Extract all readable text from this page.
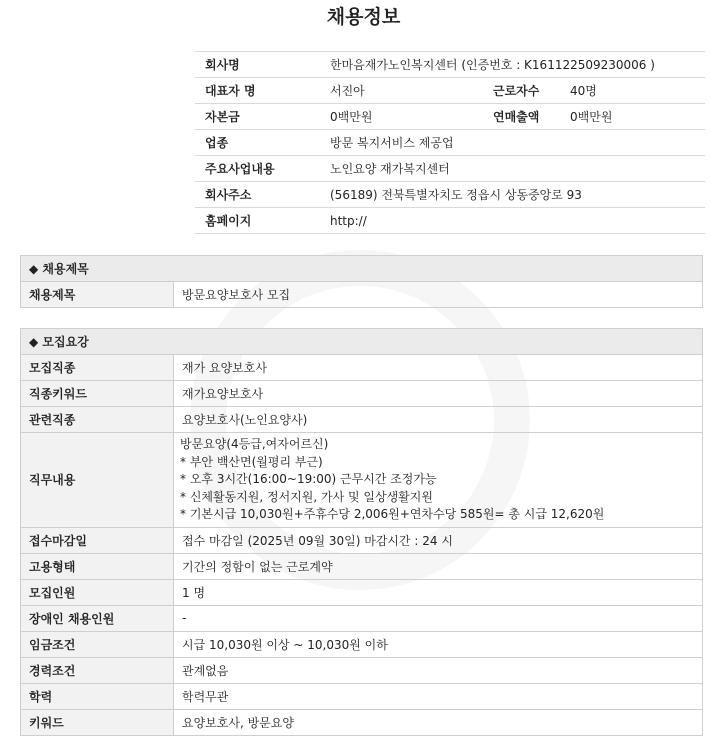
채용정보
회사명	한마음재가노인복지센터 (인증번호 : K161122509230006 )		
대표자 명	서진아	근로자수	40명
자본금	0백만원	연매출액	0백만원
업종	방문 복지서비스 제공업		
주요사업내용	노인요양 재가복지센터		
회사주소	(56189) 전북특별자치도 정읍시 상동중앙로 93		
홈페이지	http://		
◆ 채용제목
채용제목	방문요양보호사 모집
◆ 모집요강	
모집직종	재가 요양보호사
직종키워드	재가요양보호사
관련직종	요양보호사(노인요양사)
직무내용	방문요양(4등급,여자어르신)
* 부안 백산면(월평리 부근)
* 오후 3시간(16:00~19:00) 근무시간 조정가능
* 신체활동지원, 정서지원, 가사 및 일상생활지원
* 기본시급 10,030원+주휴수당 2,006원+연차수당 585원= 총 시급 12,620원

접수마감일	접수 마감일 (2025년 09월 30일) 마감시간 : 24 시
고용형태	기간의 정함이 없는 근로계약
모집인원	1 명
장애인 채용인원	-
임금조건	시급 10,030원 이상 ~ 10,030원 이하
경력조건	관계없음
학력	학력무관
키워드	요양보호사, 방문요양
